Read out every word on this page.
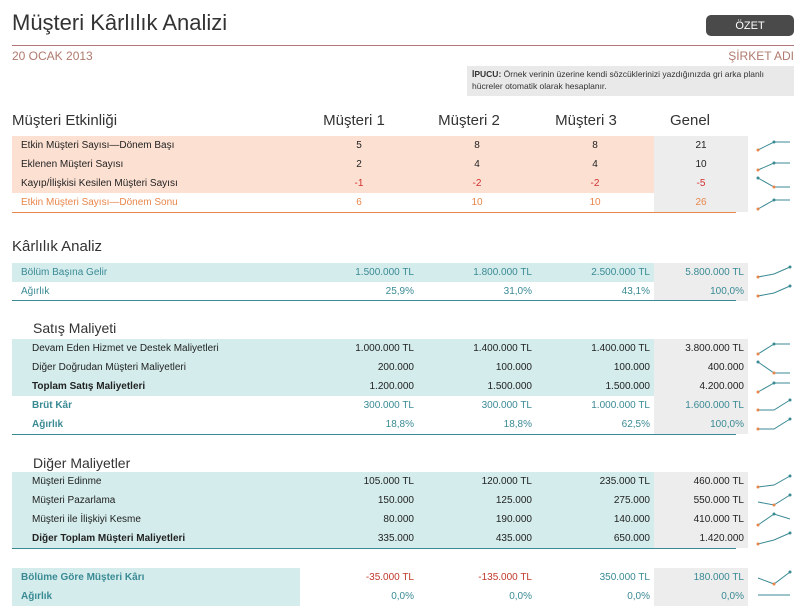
Müşteri Kârlılık Analizi	ÖZET
20 OCAK 2013	ŞİRKET ADI
İPUCU: Örnek verinin üzerine kendi sözcüklerinizi yazdığınızda gri arka planlı hücreler otomatik olarak hesaplanır.
Müşteri Etkinliği	Müşteri 1	Müşteri 2	Müşteri 3	Genel
Etkin Müşteri Sayısı—Dönem Başı	5	8	8	21
Eklenen Müşteri Sayısı	2	4	4	10
Kayıp/İlişkisi Kesilen Müşteri Sayısı	-1	-2	-2	-5
Etkin Müşteri Sayısı—Dönem Sonu	6	10	10	26
Kârlılık Analiz
Bölüm Başına Gelir	1.500.000 TL	1.800.000 TL	2.500.000 TL	5.800.000 TL
Ağırlık	25,9%	31,0%	43,1%	100,0%
Satış Maliyeti
Devam Eden Hizmet ve Destek Maliyetleri	1.000.000 TL	1.400.000 TL	1.400.000 TL	3.800.000 TL
Diğer Doğrudan Müşteri Maliyetleri	200.000	100.000	100.000	400.000
Toplam Satış Maliyetleri	1.200.000	1.500.000	1.500.000	4.200.000
Brüt Kâr	300.000 TL	300.000 TL	1.000.000 TL	1.600.000 TL
Ağırlık	18,8%	18,8%	62,5%	100,0%
Diğer Maliyetler
Müşteri Edinme	105.000 TL	120.000 TL	235.000 TL	460.000 TL
Müşteri Pazarlama	150.000	125.000	275.000	550.000 TL
Müşteri ile İlişkiyi Kesme	80.000	190.000	140.000	410.000 TL
Diğer Toplam Müşteri Maliyetleri	335.000	435.000	650.000	1.420.000
Bölüme Göre Müşteri Kârı	-35.000 TL	-135.000 TL	350.000 TL	180.000 TL
Ağırlık	0,0%	0,0%	0,0%	0,0%
